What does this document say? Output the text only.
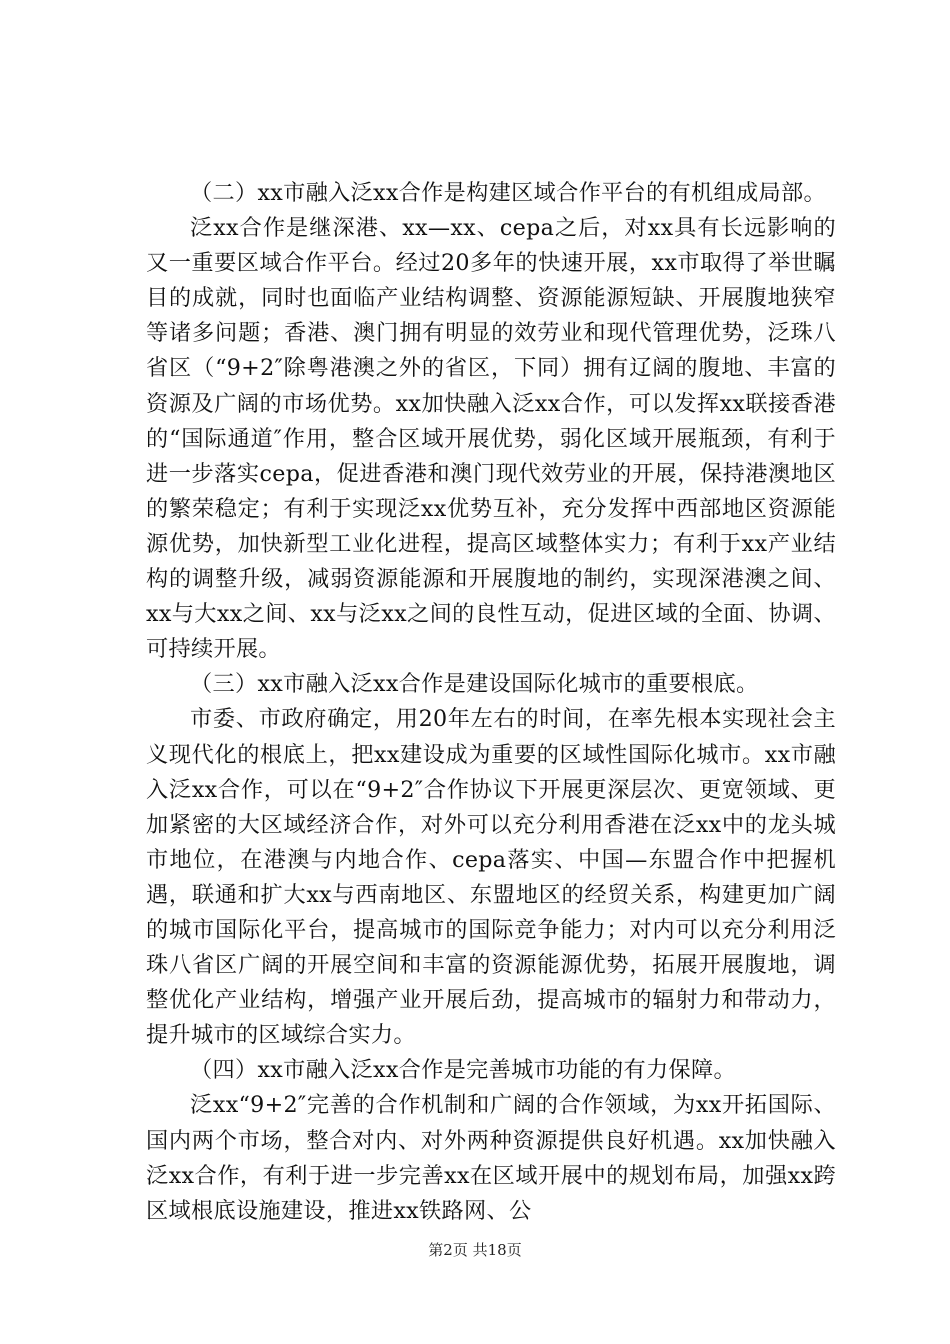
（二）xx市融入泛xx合作是构建区域合作平台的有机组成局部。

泛xx合作是继深港、xx—xx、cepa之后，对xx具有长远影响的又一重要区域合作平台。经过20多年的快速开展，xx市取得了举世瞩目的成就，同时也面临产业结构调整、资源能源短缺、开展腹地狭窄等诸多问题；香港、澳门拥有明显的效劳业和现代管理优势，泛珠八省区（“9+2″除粤港澳之外的省区，下同）拥有辽阔的腹地、丰富的资源及广阔的市场优势。xx加快融入泛xx合作，可以发挥xx联接香港的“国际通道″作用，整合区域开展优势，弱化区域开展瓶颈，有利于进一步落实cepa，促进香港和澳门现代效劳业的开展，保持港澳地区的繁荣稳定；有利于实现泛xx优势互补，充分发挥中西部地区资源能源优势，加快新型工业化进程，提高区域整体实力；有利于xx产业结构的调整升级，减弱资源能源和开展腹地的制约，实现深港澳之间、xx与大xx之间、xx与泛xx之间的良性互动，促进区域的全面、协调、可持续开展。

（三）xx市融入泛xx合作是建设国际化城市的重要根底。

市委、市政府确定，用20年左右的时间，在率先根本实现社会主义现代化的根底上，把xx建设成为重要的区域性国际化城市。xx市融入泛xx合作，可以在“9+2″合作协议下开展更深层次、更宽领域、更加紧密的大区域经济合作，对外可以充分利用香港在泛xx中的龙头城市地位，在港澳与内地合作、cepa落实、中国—东盟合作中把握机遇，联通和扩大xx与西南地区、东盟地区的经贸关系，构建更加广阔的城市国际化平台，提高城市的国际竞争能力；对内可以充分利用泛珠八省区广阔的开展空间和丰富的资源能源优势，拓展开展腹地，调整优化产业结构，增强产业开展后劲，提高城市的辐射力和带动力，提升城市的区域综合实力。

（四）xx市融入泛xx合作是完善城市功能的有力保障。

泛xx“9+2″完善的合作机制和广阔的合作领域，为xx开拓国际、国内两个市场，整合对内、对外两种资源提供良好机遇。xx加快融入泛xx合作，有利于进一步完善xx在区域开展中的规划布局，加强xx跨区域根底设施建设，推进xx铁路网、公

第2页 共18页
